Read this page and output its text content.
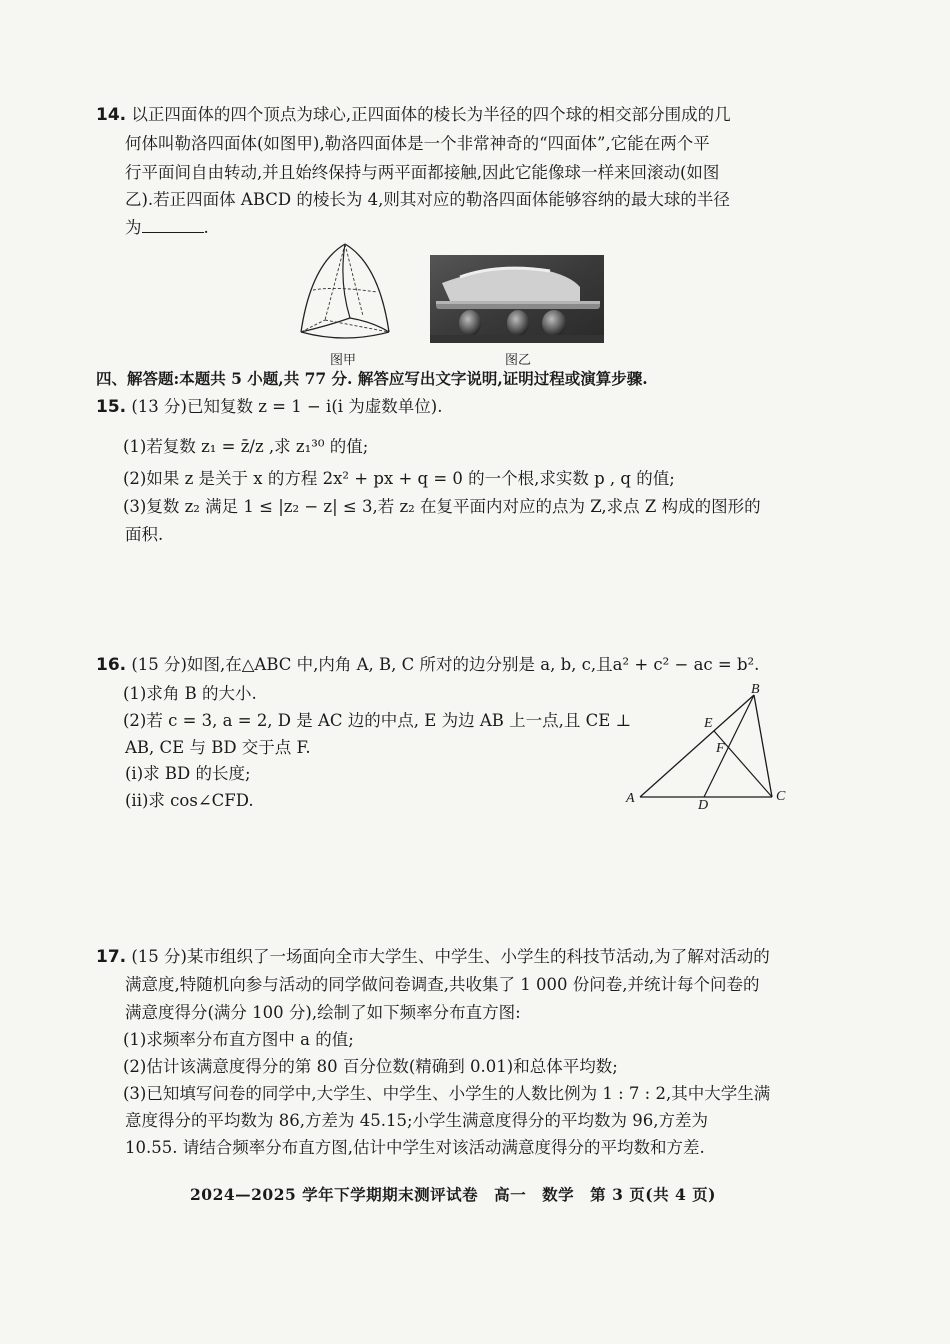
14. 以正四面体的四个顶点为球心,正四面体的棱长为半径的四个球的相交部分围成的几
何体叫勒洛四面体(如图甲),勒洛四面体是一个非常神奇的“四面体”,它能在两个平
行平面间自由转动,并且始终保持与两平面都接触,因此它能像球一样来回滚动(如图
乙).若正四面体 ABCD 的棱长为 4,则其对应的勒洛四面体能够容纳的最大球的半径
为	.
图甲	图乙
四、解答题:本题共 5 小题,共 77 分. 解答应写出文字说明,证明过程或演算步骤.
15. (13 分)已知复数 z = 1 − i(i 为虚数单位).
(1)若复数 z₁ = z̄/z ,求 z₁³⁰ 的值;
(2)如果 z 是关于 x 的方程 2x² + px + q = 0 的一个根,求实数 p , q 的值;
(3)复数 z₂ 满足 1 ≤ |z₂ − z| ≤ 3,若 z₂ 在复平面内对应的点为 Z,求点 Z 构成的图形的
面积.
16. (15 分)如图,在△ABC 中,内角 A, B, C 所对的边分别是 a, b, c,且a² + c² − ac = b².
(1)求角 B 的大小.
(2)若 c = 3, a = 2, D 是 AC 边的中点, E 为边 AB 上一点,且 CE ⊥
AB, CE 与 BD 交于点 F.
(i)求 BD 的长度;
(ii)求 cos∠CFD.	A
B
C
D
E
F
17. (15 分)某市组织了一场面向全市大学生、中学生、小学生的科技节活动,为了解对活动的
满意度,特随机向参与活动的同学做问卷调查,共收集了 1 000 份问卷,并统计每个问卷的
满意度得分(满分 100 分),绘制了如下频率分布直方图:
(1)求频率分布直方图中 a 的值;
(2)估计该满意度得分的第 80 百分位数(精确到 0.01)和总体平均数;
(3)已知填写问卷的同学中,大学生、中学生、小学生的人数比例为 1 : 7 : 2,其中大学生满
意度得分的平均数为 86,方差为 45.15;小学生满意度得分的平均数为 96,方差为
10.55. 请结合频率分布直方图,估计中学生对该活动满意度得分的平均数和方差.
2024—2025 学年下学期期末测评试卷　高一　数学　第 3 页(共 4 页)
